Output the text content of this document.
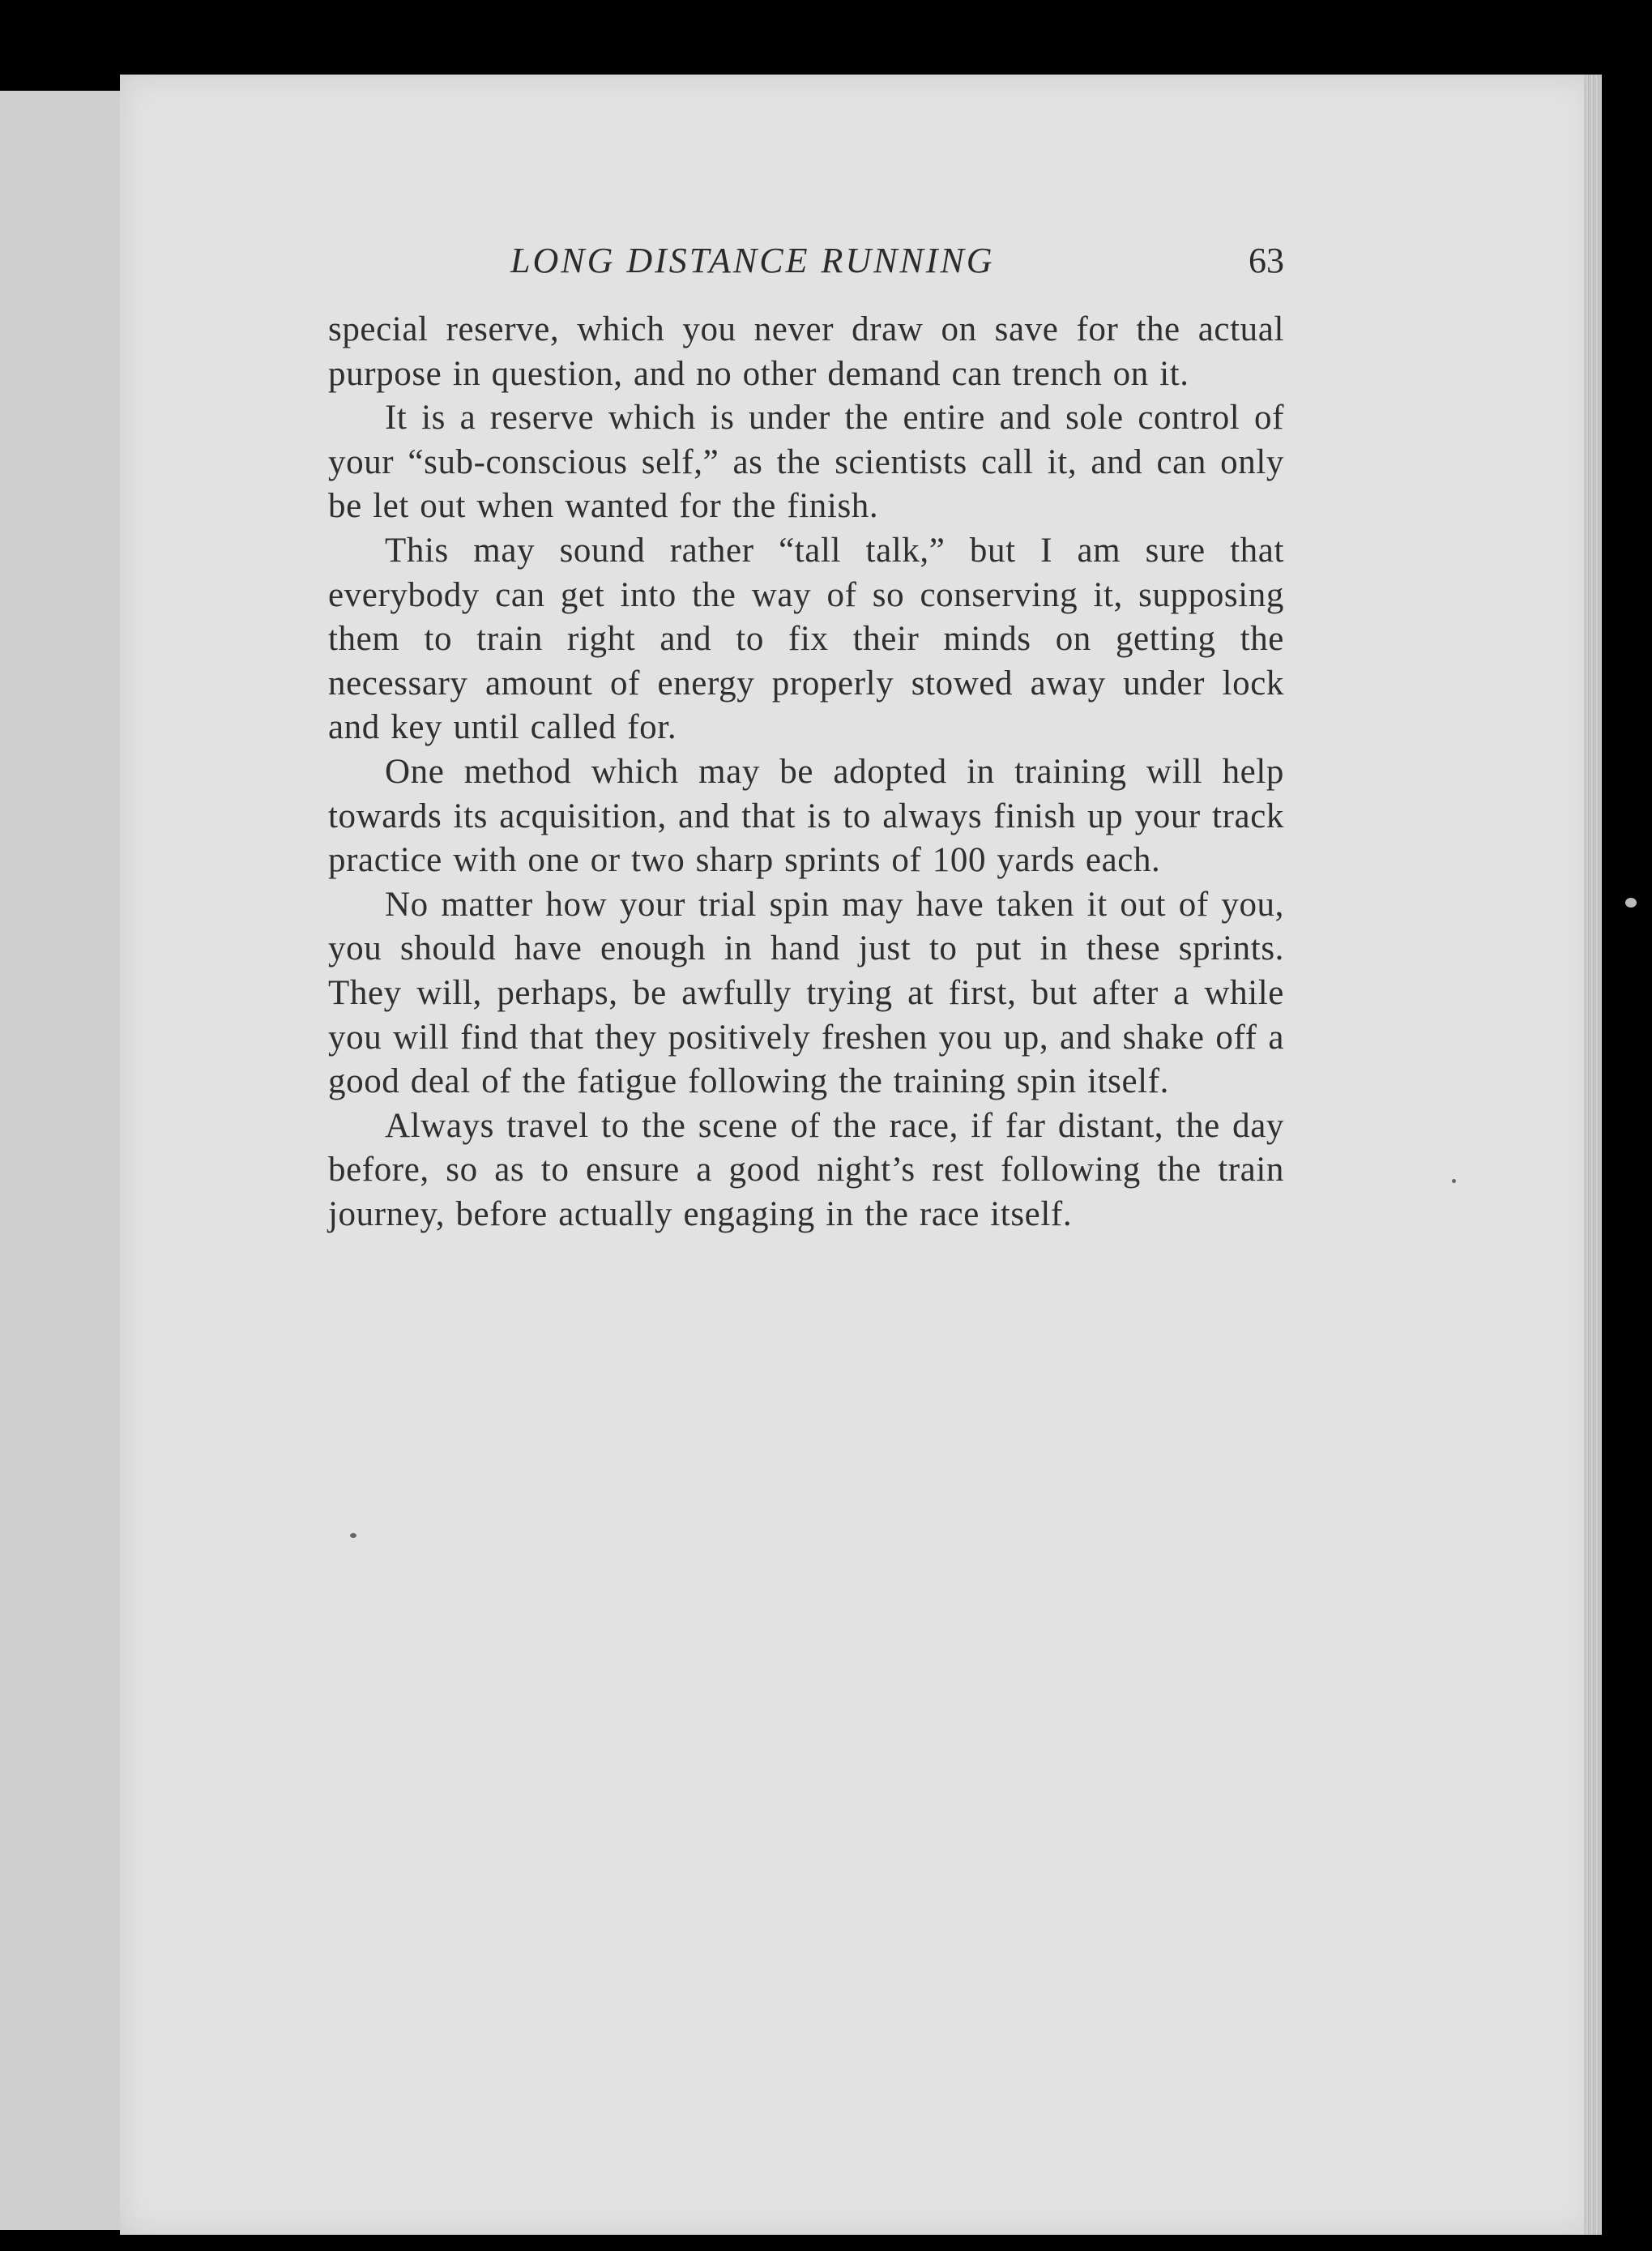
LONG DISTANCE RUNNING	63

special reserve, which you never draw on save for the actual purpose in question, and no other demand can trench on it.

It is a reserve which is under the entire and sole control of your “sub-conscious self,” as the scientists call it, and can only be let out when wanted for the finish.

This may sound rather “tall talk,” but I am sure that everybody can get into the way of so conserving it, supposing them to train right and to fix their minds on getting the necessary amount of energy properly stowed away under lock and key until called for.

One method which may be adopted in training will help towards its acquisition, and that is to always finish up your track practice with one or two sharp sprints of 100 yards each.

No matter how your trial spin may have taken it out of you, you should have enough in hand just to put in these sprints. They will, perhaps, be awfully trying at first, but after a while you will find that they positively freshen you up, and shake off a good deal of the fatigue following the training spin itself.

Always travel to the scene of the race, if far distant, the day before, so as to ensure a good night’s rest following the train journey, before actually engaging in the race itself.
